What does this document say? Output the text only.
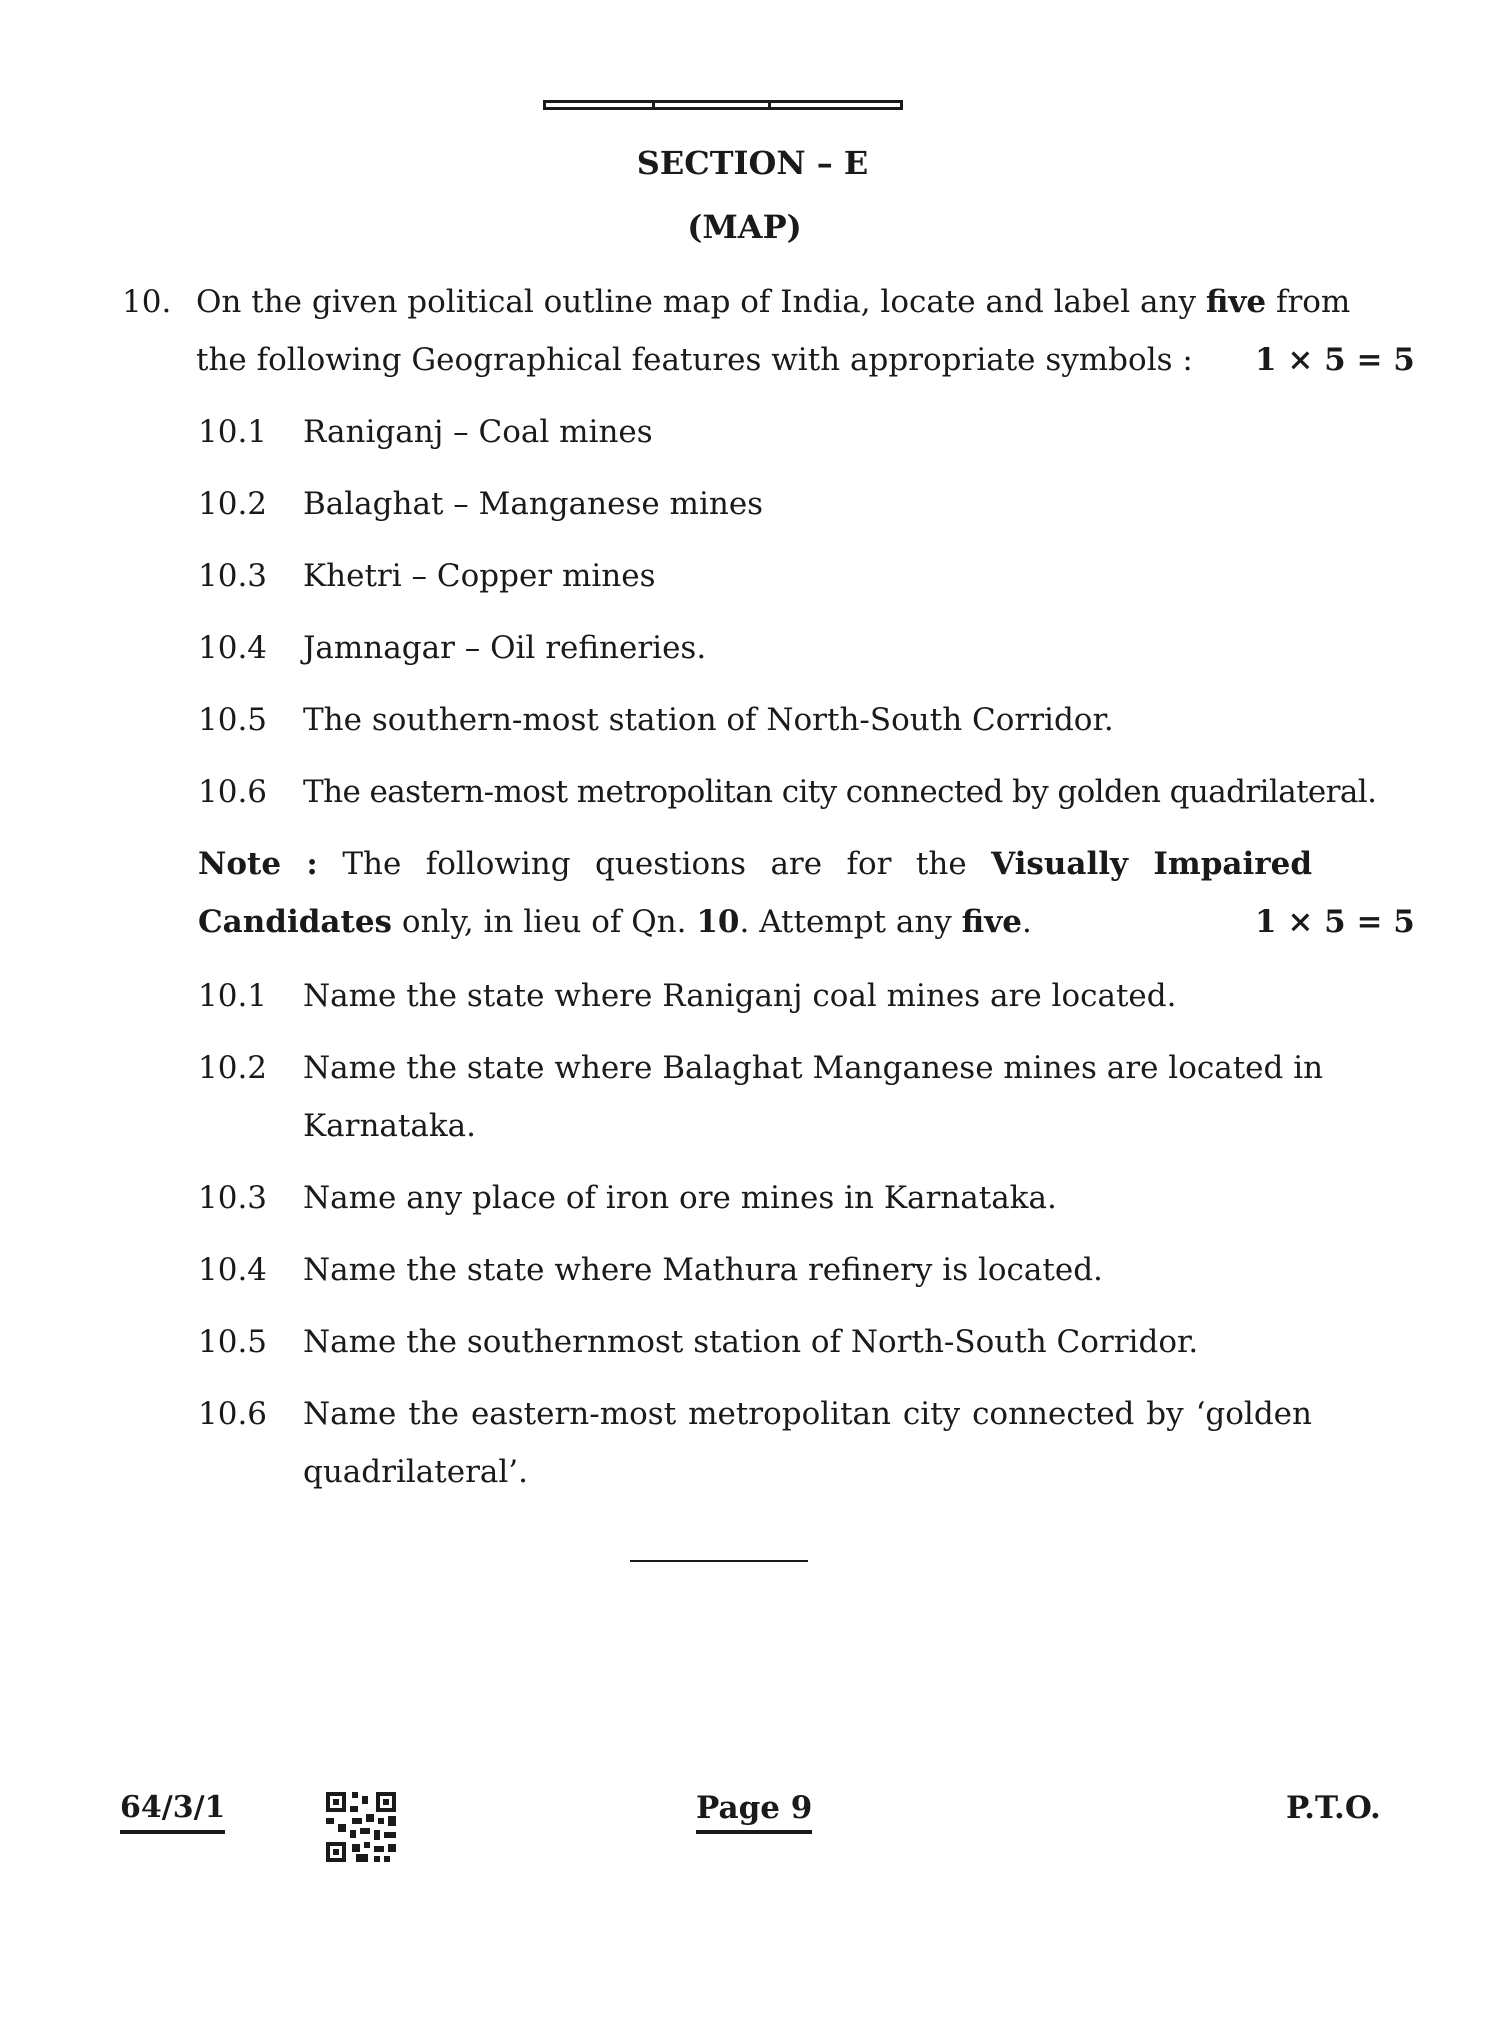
SECTION – E
(MAP)
10. On the given political outline map of India, locate and label any five from
the following Geographical features with appropriate symbols : 1 × 5 = 5
10.1 Raniganj – Coal mines
10.2 Balaghat – Manganese mines
10.3 Khetri – Copper mines
10.4 Jamnagar – Oil refineries.
10.5 The southern-most station of North-South Corridor.
10.6 The eastern-most metropolitan city connected by golden quadrilateral.
Note : The following questions are for the Visually Impaired
Candidates only, in lieu of Qn. 10. Attempt any five.	1 × 5 = 5
10.1 Name the state where Raniganj coal mines are located.
10.2 Name the state where Balaghat Manganese mines are located in
Karnataka.
10.3 Name any place of iron ore mines in Karnataka.
10.4 Name the state where Mathura refinery is located.
10.5 Name the southernmost station of North-South Corridor.
10.6 Name the eastern-most metropolitan city connected by ‘golden
quadrilateral’.
64/3/1	Page 9	P.T.O.
